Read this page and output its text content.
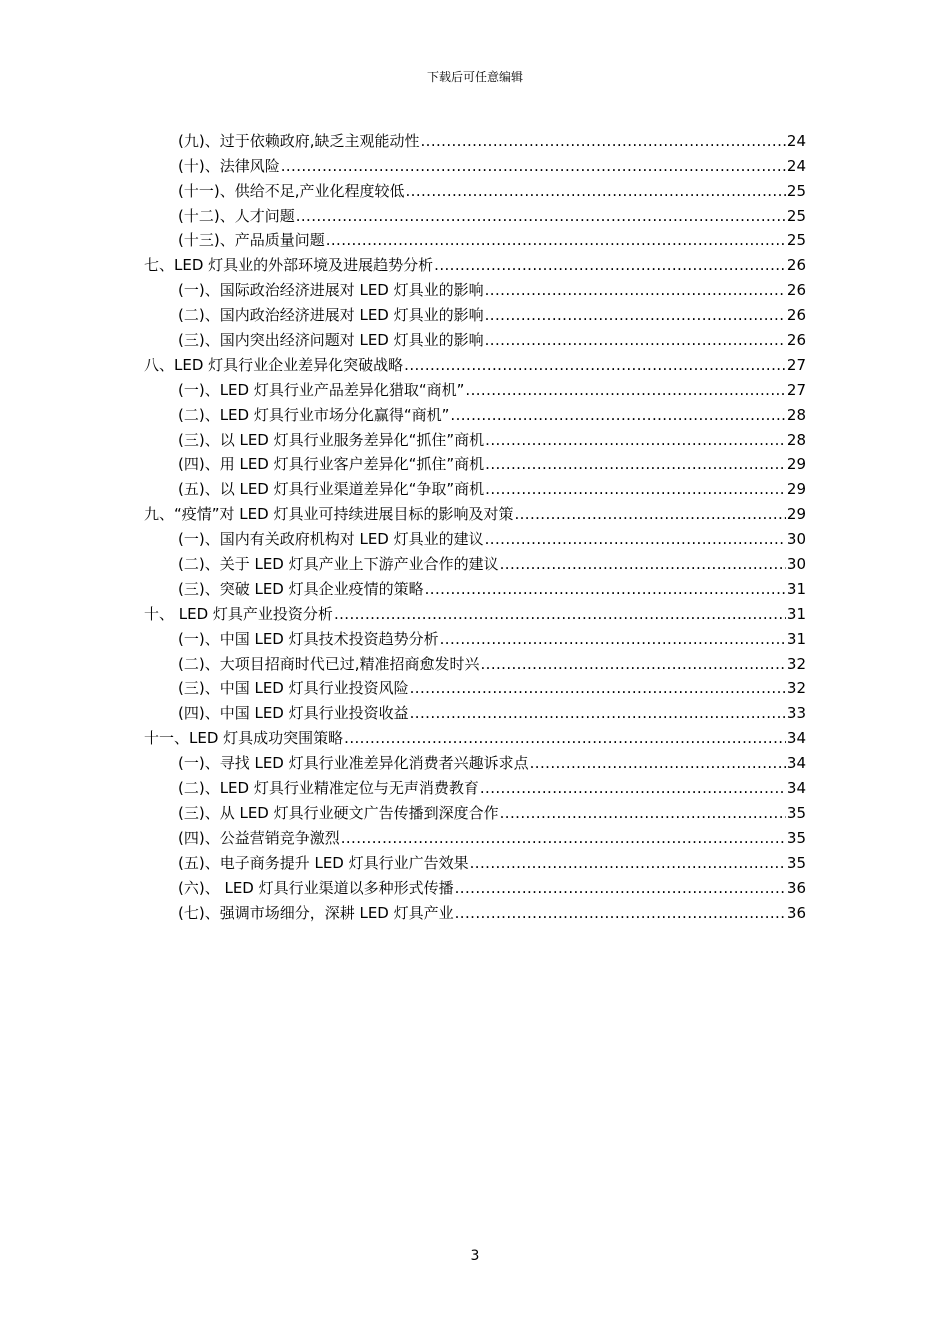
下载后可任意编辑
(九)、过于依赖政府,缺乏主观能动性 .....	24
(十)、法律风险 .....	24
(十一)、供给不足,产业化程度较低 .....	25
(十二)、人才问题 .....	25
(十三)、产品质量问题 .....	25
七、LED 灯具业的外部环境及进展趋势分析 .....	26
(一)、国际政治经济进展对 LED 灯具业的影响 .....	26
(二)、国内政治经济进展对 LED 灯具业的影响 .....	26
(三)、国内突出经济问题对 LED 灯具业的影响 .....	26
八、LED 灯具行业企业差异化突破战略 .....	27
(一)、LED 灯具行业产品差异化猎取“商机” .....	27
(二)、LED 灯具行业市场分化赢得“商机” .....	28
(三)、以 LED 灯具行业服务差异化“抓住”商机 .....	28
(四)、用 LED 灯具行业客户差异化“抓住”商机 .....	29
(五)、以 LED 灯具行业渠道差异化“争取”商机 .....	29
九、“疫情”对 LED 灯具业可持续进展目标的影响及对策 .....	29
(一)、国内有关政府机构对 LED 灯具业的建议 .....	30
(二)、关于 LED 灯具产业上下游产业合作的建议 .....	30
(三)、突破 LED 灯具企业疫情的策略 .....	31
十、 LED 灯具产业投资分析 .....	31
(一)、中国 LED 灯具技术投资趋势分析 .....	31
(二)、大项目招商时代已过,精准招商愈发时兴 .....	32
(三)、中国 LED 灯具行业投资风险 .....	32
(四)、中国 LED 灯具行业投资收益 .....	33
十一、LED 灯具成功突围策略 .....	34
(一)、寻找 LED 灯具行业准差异化消费者兴趣诉求点 .....	34
(二)、LED 灯具行业精准定位与无声消费教育 .....	34
(三)、从 LED 灯具行业硬文广告传播到深度合作 .....	35
(四)、公益营销竞争激烈 .....	35
(五)、电子商务提升 LED 灯具行业广告效果 .....	35
(六)、 LED 灯具行业渠道以多种形式传播 .....	36
(七)、强调市场细分，深耕 LED 灯具产业 .....	36
3
